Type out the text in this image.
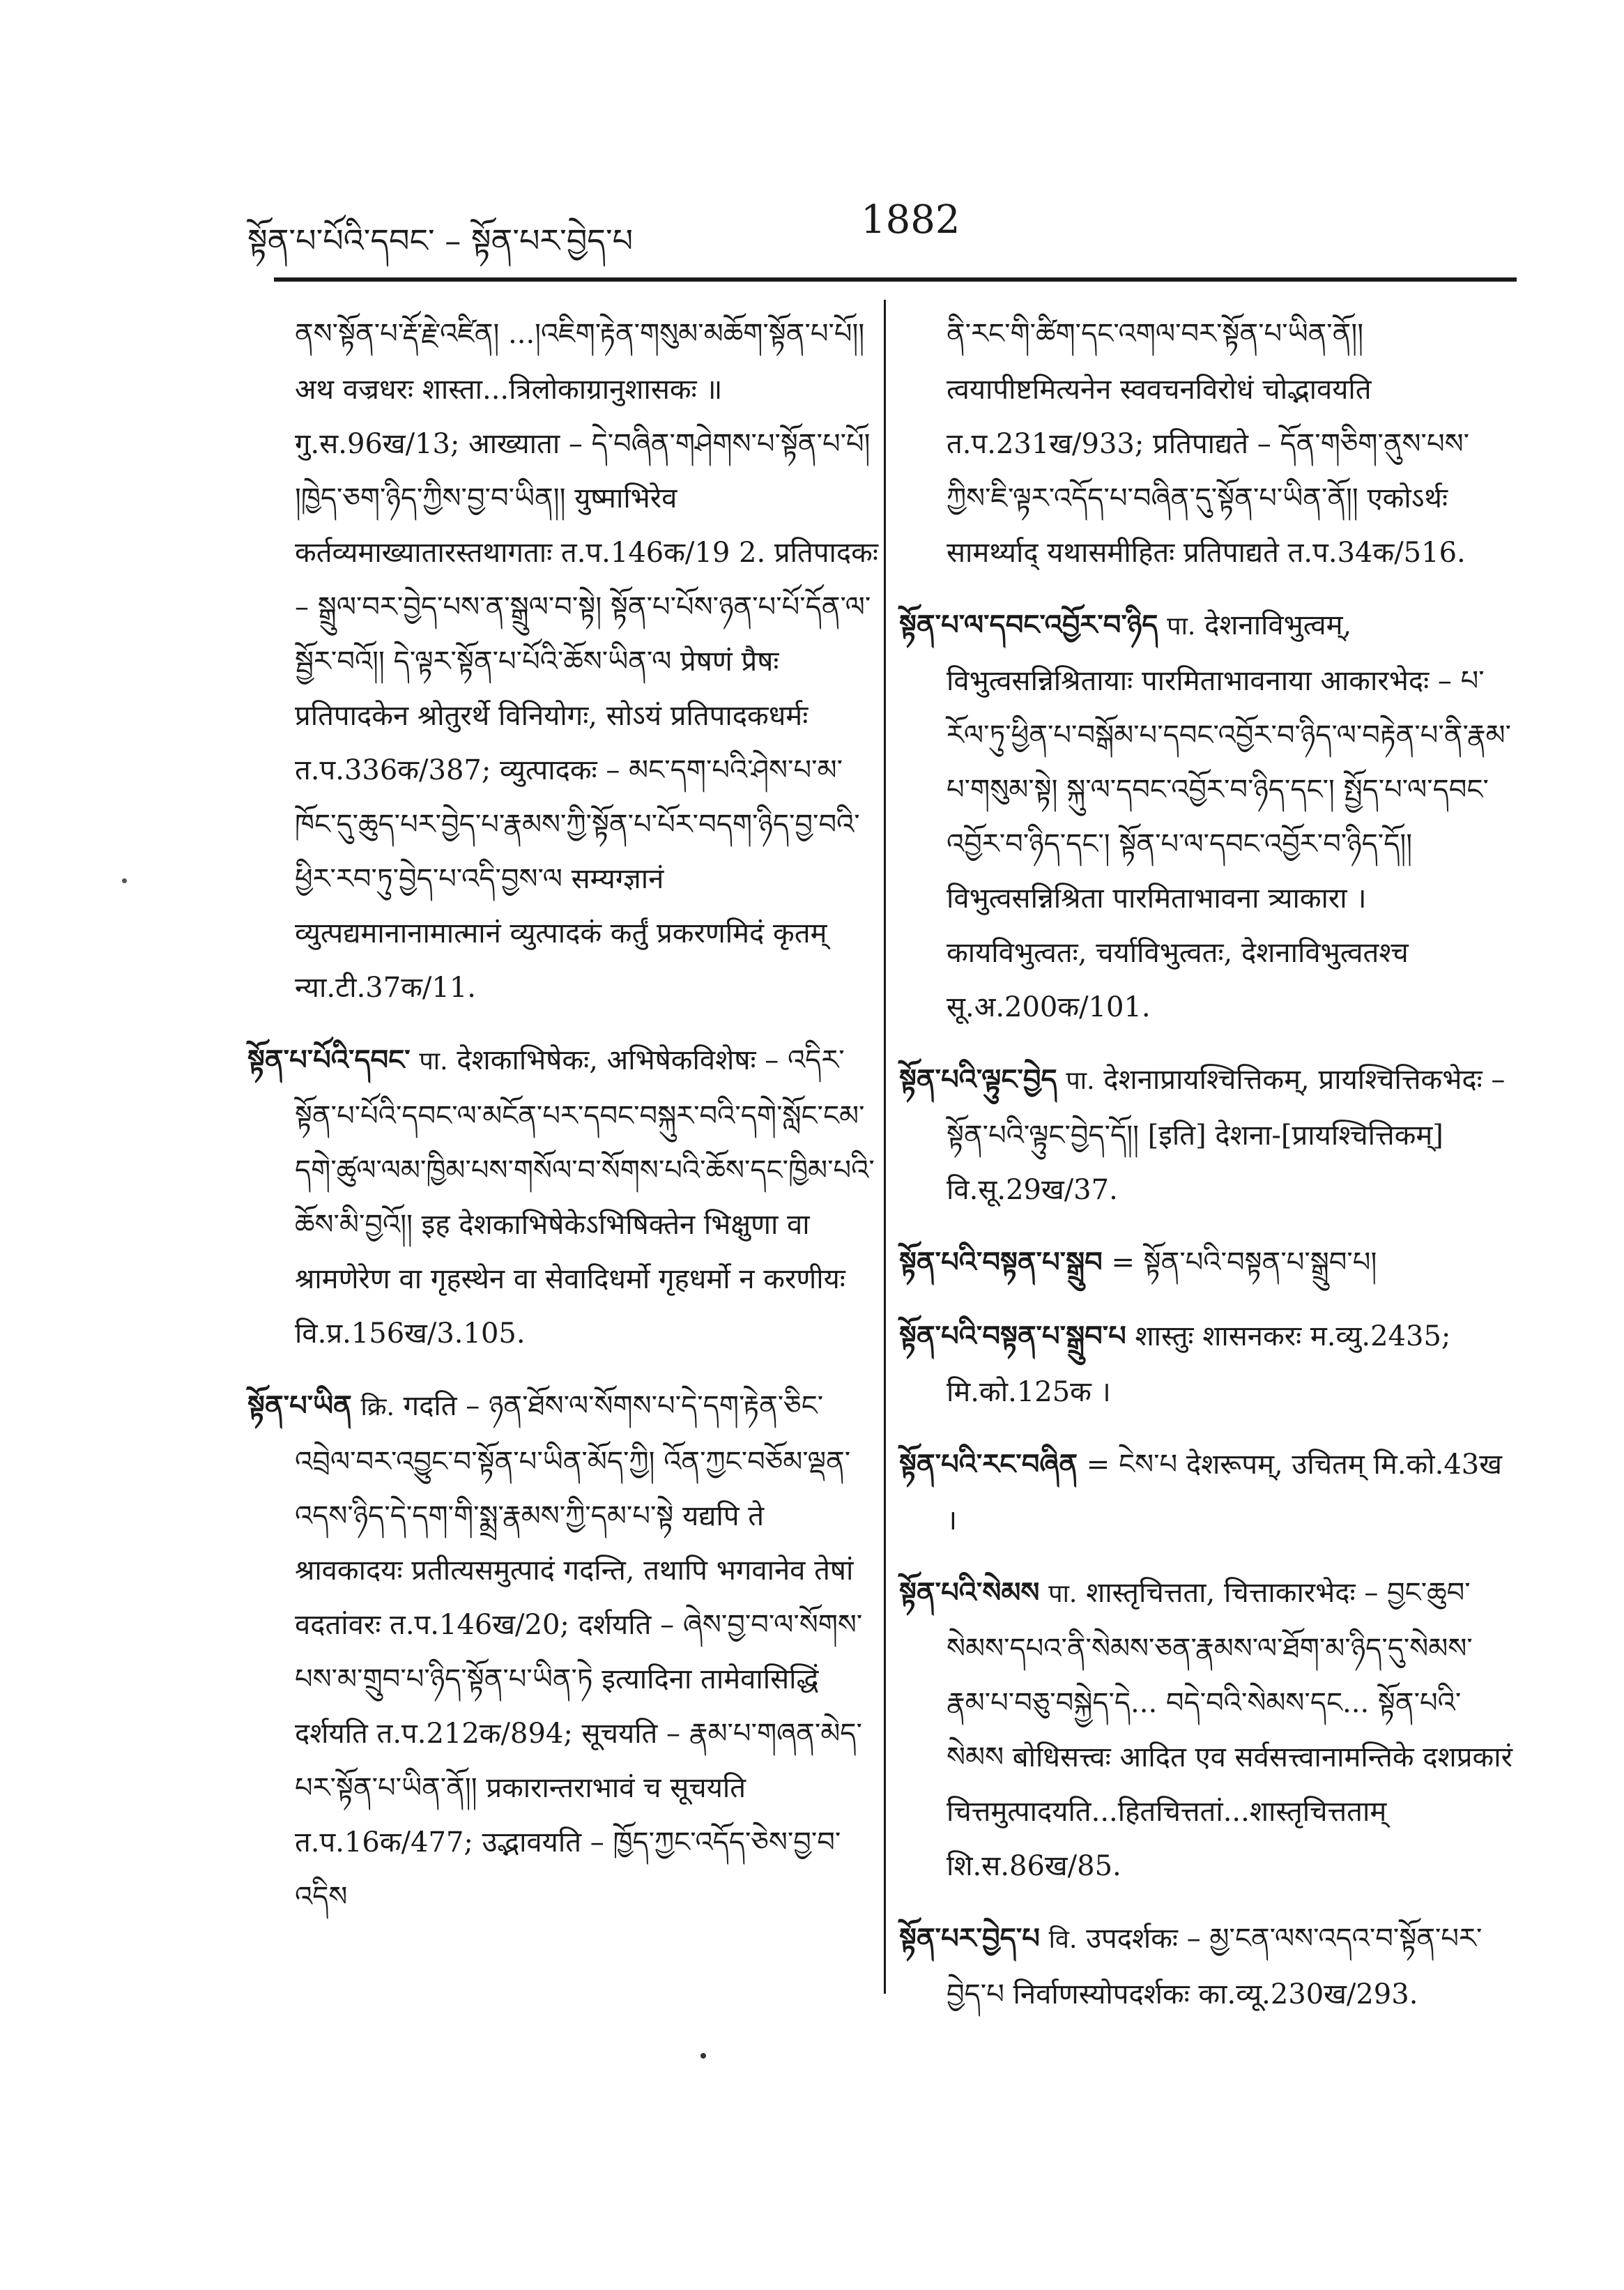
སྟོན་པ་པོའི་དབང་ – སྟོན་པར་བྱེད་པ	1882

ནས་སྟོན་པ་རྡོ་རྗེ་འཛིན། ...།འཇིག་རྟེན་གསུམ་མཆོག་སྟོན་པ་པོ།། अथ वज्रधरः शास्ता...त्रिलोकाग्रानुशासकः ॥ गु.स.96ख/13; आख्याता – དེ་བཞིན་གཤེགས་པ་སྟོན་པ་པོ། །ཁྱེད་ཅག་ཉིད་ཀྱིས་བྱ་བ་ཡིན།། युष्माभिरेव कर्तव्यमाख्यातारस्तथागताः त.प.146क/19 2. प्रतिपादकः – སྒྲུལ་བར་བྱེད་པས་ན་སྒྲུལ་བ་སྟེ། སྟོན་པ་པོས་ཉན་པ་པོ་དོན་ལ་སྦྱོར་བའོ།། དེ་ལྟར་སྟོན་པ་པོའི་ཆོས་ཡིན་ལ प्रेषणं प्रैषः प्रतिपादकेन श्रोतुरर्थे विनियोगः, सोऽयं प्रतिपादकधर्मः त.प.336क/387; व्युत्पादकः – མང་དག་པའི་ཤེས་པ་མ་ཁོང་དུ་ཆུད་པར་བྱེད་པ་རྣམས་ཀྱི་སྟོན་པ་པོར་བདག་ཉིད་བྱ་བའི་ཕྱིར་རབ་ཏུ་བྱེད་པ་འདི་བྱས་ལ सम्यग्ज्ञानं व्युत्पद्यमानानामात्मानं व्युत्पादकं कर्तुं प्रकरणमिदं कृतम् न्या.टी.37क/11.

སྟོན་པ་པོའི་དབང་ पा. देशकाभिषेकः, अभिषेकविशेषः – འདིར་སྟོན་པ་པོའི་དབང་ལ་མངོན་པར་དབང་བསྐུར་བའི་དགེ་སློང་ངམ་དགེ་ཚུལ་ལམ་ཁྱིམ་པས་གསོལ་བ་སོགས་པའི་ཆོས་དང་ཁྱིམ་པའི་ཆོས་མི་བྱའོ།། इह देशकाभिषेकेऽभिषिक्तेन भिक्षुणा वा श्रामणेरेण वा गृहस्थेन वा सेवादिधर्मो गृहधर्मो न करणीयः वि.प्र.156ख/3.105.

སྟོན་པ་ཡིན क्रि. गदति – ཉན་ཐོས་ལ་སོགས་པ་དེ་དག་རྟེན་ཅིང་འབྲེལ་བར་འབྱུང་བ་སྟོན་པ་ཡིན་མོད་ཀྱི། འོན་ཀྱང་བཅོམ་ལྡན་འདས་ཉིད་དེ་དག་གི་སྨྲ་རྣམས་ཀྱི་དམ་པ་སྟེ यद्यपि ते श्रावकादयः प्रतीत्यसमुत्पादं गदन्ति, तथापि भगवानेव तेषां वदतांवरः त.प.146ख/20; दर्शयति – ཞེས་བྱ་བ་ལ་སོགས་པས་མ་གྲུབ་པ་ཉིད་སྟོན་པ་ཡིན་ཏེ इत्यादिना तामेवासिद्धिं दर्शयति त.प.212क/894; सूचयति – རྣམ་པ་གཞན་མེད་པར་སྟོན་པ་ཡིན་ནོ།། प्रकारान्तराभावं च सूचयति त.प.16क/477; उद्भावयति – ཁྱོད་ཀྱང་འདོད་ཅེས་བྱ་བ་འདིས

ནི་རང་གི་ཚིག་དང་འགལ་བར་སྟོན་པ་ཡིན་ནོ།། त्वयापीष्टमित्यनेन स्ववचनविरोधं चोद्भावयति त.प.231ख/933; प्रतिपाद्यते – དོན་གཅིག་ནུས་པས་ཀྱིས་ཇི་ལྟར་འདོད་པ་བཞིན་དུ་སྟོན་པ་ཡིན་ནོ།། एकोऽर्थः सामर्थ्याद् यथासमीहितः प्रतिपाद्यते त.प.34क/516.

སྟོན་པ་ལ་དབང་འབྱོར་བ་ཉིད पा. देशनाविभुत्वम्, विभुत्वसन्निश्रितायाः पारमिताभावनाया आकारभेदः – པ་རོལ་ཏུ་ཕྱིན་པ་བསྒོམ་པ་དབང་འབྱོར་བ་ཉིད་ལ་བརྟེན་པ་ནི་རྣམ་པ་གསུམ་སྟེ། སྐུ་ལ་དབང་འབྱོར་བ་ཉིད་དང་། སྤྱོད་པ་ལ་དབང་འབྱོར་བ་ཉིད་དང་། སྟོན་པ་ལ་དབང་འབྱོར་བ་ཉིད་དོ།། विभुत्वसन्निश्रिता पारमिताभावना त्र्याकारा । कायविभुत्वतः, चर्याविभुत्वतः, देशनाविभुत्वतश्च सू.अ.200क/101.

སྟོན་པའི་ལྟུང་བྱེད पा. देशनाप्रायश्चित्तिकम्, प्रायश्चित्तिकभेदः – སྟོན་པའི་ལྟུང་བྱེད་དོ།། [इति] देशना-[प्रायश्चित्तिकम्] वि.सू.29ख/37.

སྟོན་པའི་བསྟན་པ་སྒྲུབ = སྟོན་པའི་བསྟན་པ་སྒྲུབ་པ།

སྟོན་པའི་བསྟན་པ་སྒྲུབ་པ शास्तुः शासनकरः म.व्यु.2435; मि.को.125क ।

སྟོན་པའི་རང་བཞིན = ངེས་པ देशरूपम्, उचितम् मि.को.43ख ।

སྟོན་པའི་སེམས पा. शास्तृचित्तता, चित्ताकारभेदः – བྱང་ཆུབ་སེམས་དཔའ་ནི་སེམས་ཅན་རྣམས་ལ་ཐོག་མ་ཉིད་དུ་སེམས་རྣམ་པ་བཅུ་བསྐྱེད་དེ... བདེ་བའི་སེམས་དང... སྟོན་པའི་སེམས बोधिसत्त्वः आदित एव सर्वसत्त्वानामन्तिके दशप्रकारं चित्तमुत्पादयति...हितचित्ततां...शास्तृचित्तताम् शि.स.86ख/85.

སྟོན་པར་བྱེད་པ वि. उपदर्शकः – མྱ་ངན་ལས་འདའ་བ་སྟོན་པར་བྱེད་པ निर्वाणस्योपदर्शकः का.व्यू.230ख/293.
